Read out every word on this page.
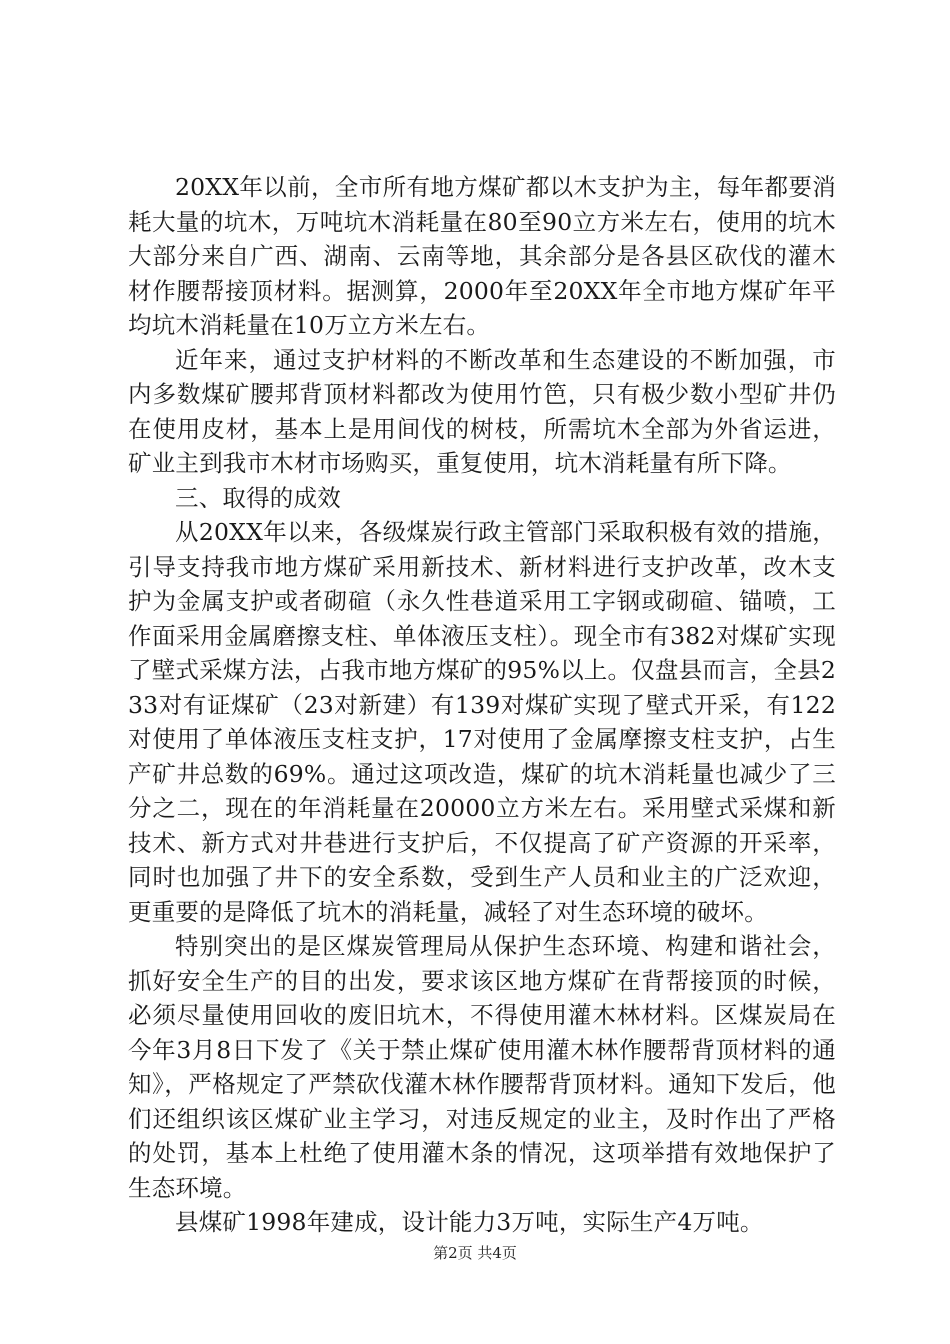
20XX年以前，全市所有地方煤矿都以木支护为主，每年都要消耗大量的坑木，万吨坑木消耗量在80至90立方米左右，使用的坑木大部分来自广西、湖南、云南等地，其余部分是各县区砍伐的灌木材作腰帮接顶材料。据测算，2000年至20XX年全市地方煤矿年平均坑木消耗量在10万立方米左右。

近年来，通过支护材料的不断改革和生态建设的不断加强，市内多数煤矿腰邦背顶材料都改为使用竹笆，只有极少数小型矿井仍在使用皮材，基本上是用间伐的树枝，所需坑木全部为外省运进，矿业主到我市木材市场购买，重复使用，坑木消耗量有所下降。

三、取得的成效

从20XX年以来，各级煤炭行政主管部门采取积极有效的措施，引导支持我市地方煤矿采用新技术、新材料进行支护改革，改木支护为金属支护或者砌碹（永久性巷道采用工字钢或砌碹、锚喷，工作面采用金属磨擦支柱、单体液压支柱）。现全市有382对煤矿实现了壁式采煤方法，占我市地方煤矿的95%以上。仅盘县而言，全县233对有证煤矿（23对新建）有139对煤矿实现了壁式开采，有122对使用了单体液压支柱支护，17对使用了金属摩擦支柱支护，占生产矿井总数的69%。通过这项改造，煤矿的坑木消耗量也减少了三分之二，现在的年消耗量在20000立方米左右。采用壁式采煤和新技术、新方式对井巷进行支护后，不仅提高了矿产资源的开采率，同时也加强了井下的安全系数，受到生产人员和业主的广泛欢迎，更重要的是降低了坑木的消耗量，减轻了对生态环境的破坏。

特别突出的是区煤炭管理局从保护生态环境、构建和谐社会，抓好安全生产的目的出发，要求该区地方煤矿在背帮接顶的时候，必须尽量使用回收的废旧坑木，不得使用灌木林材料。区煤炭局在今年3月8日下发了《关于禁止煤矿使用灌木林作腰帮背顶材料的通知》，严格规定了严禁砍伐灌木林作腰帮背顶材料。通知下发后，他们还组织该区煤矿业主学习，对违反规定的业主，及时作出了严格的处罚，基本上杜绝了使用灌木条的情况，这项举措有效地保护了生态环境。

县煤矿1998年建成，设计能力3万吨，实际生产4万吨。

第2页 共4页
